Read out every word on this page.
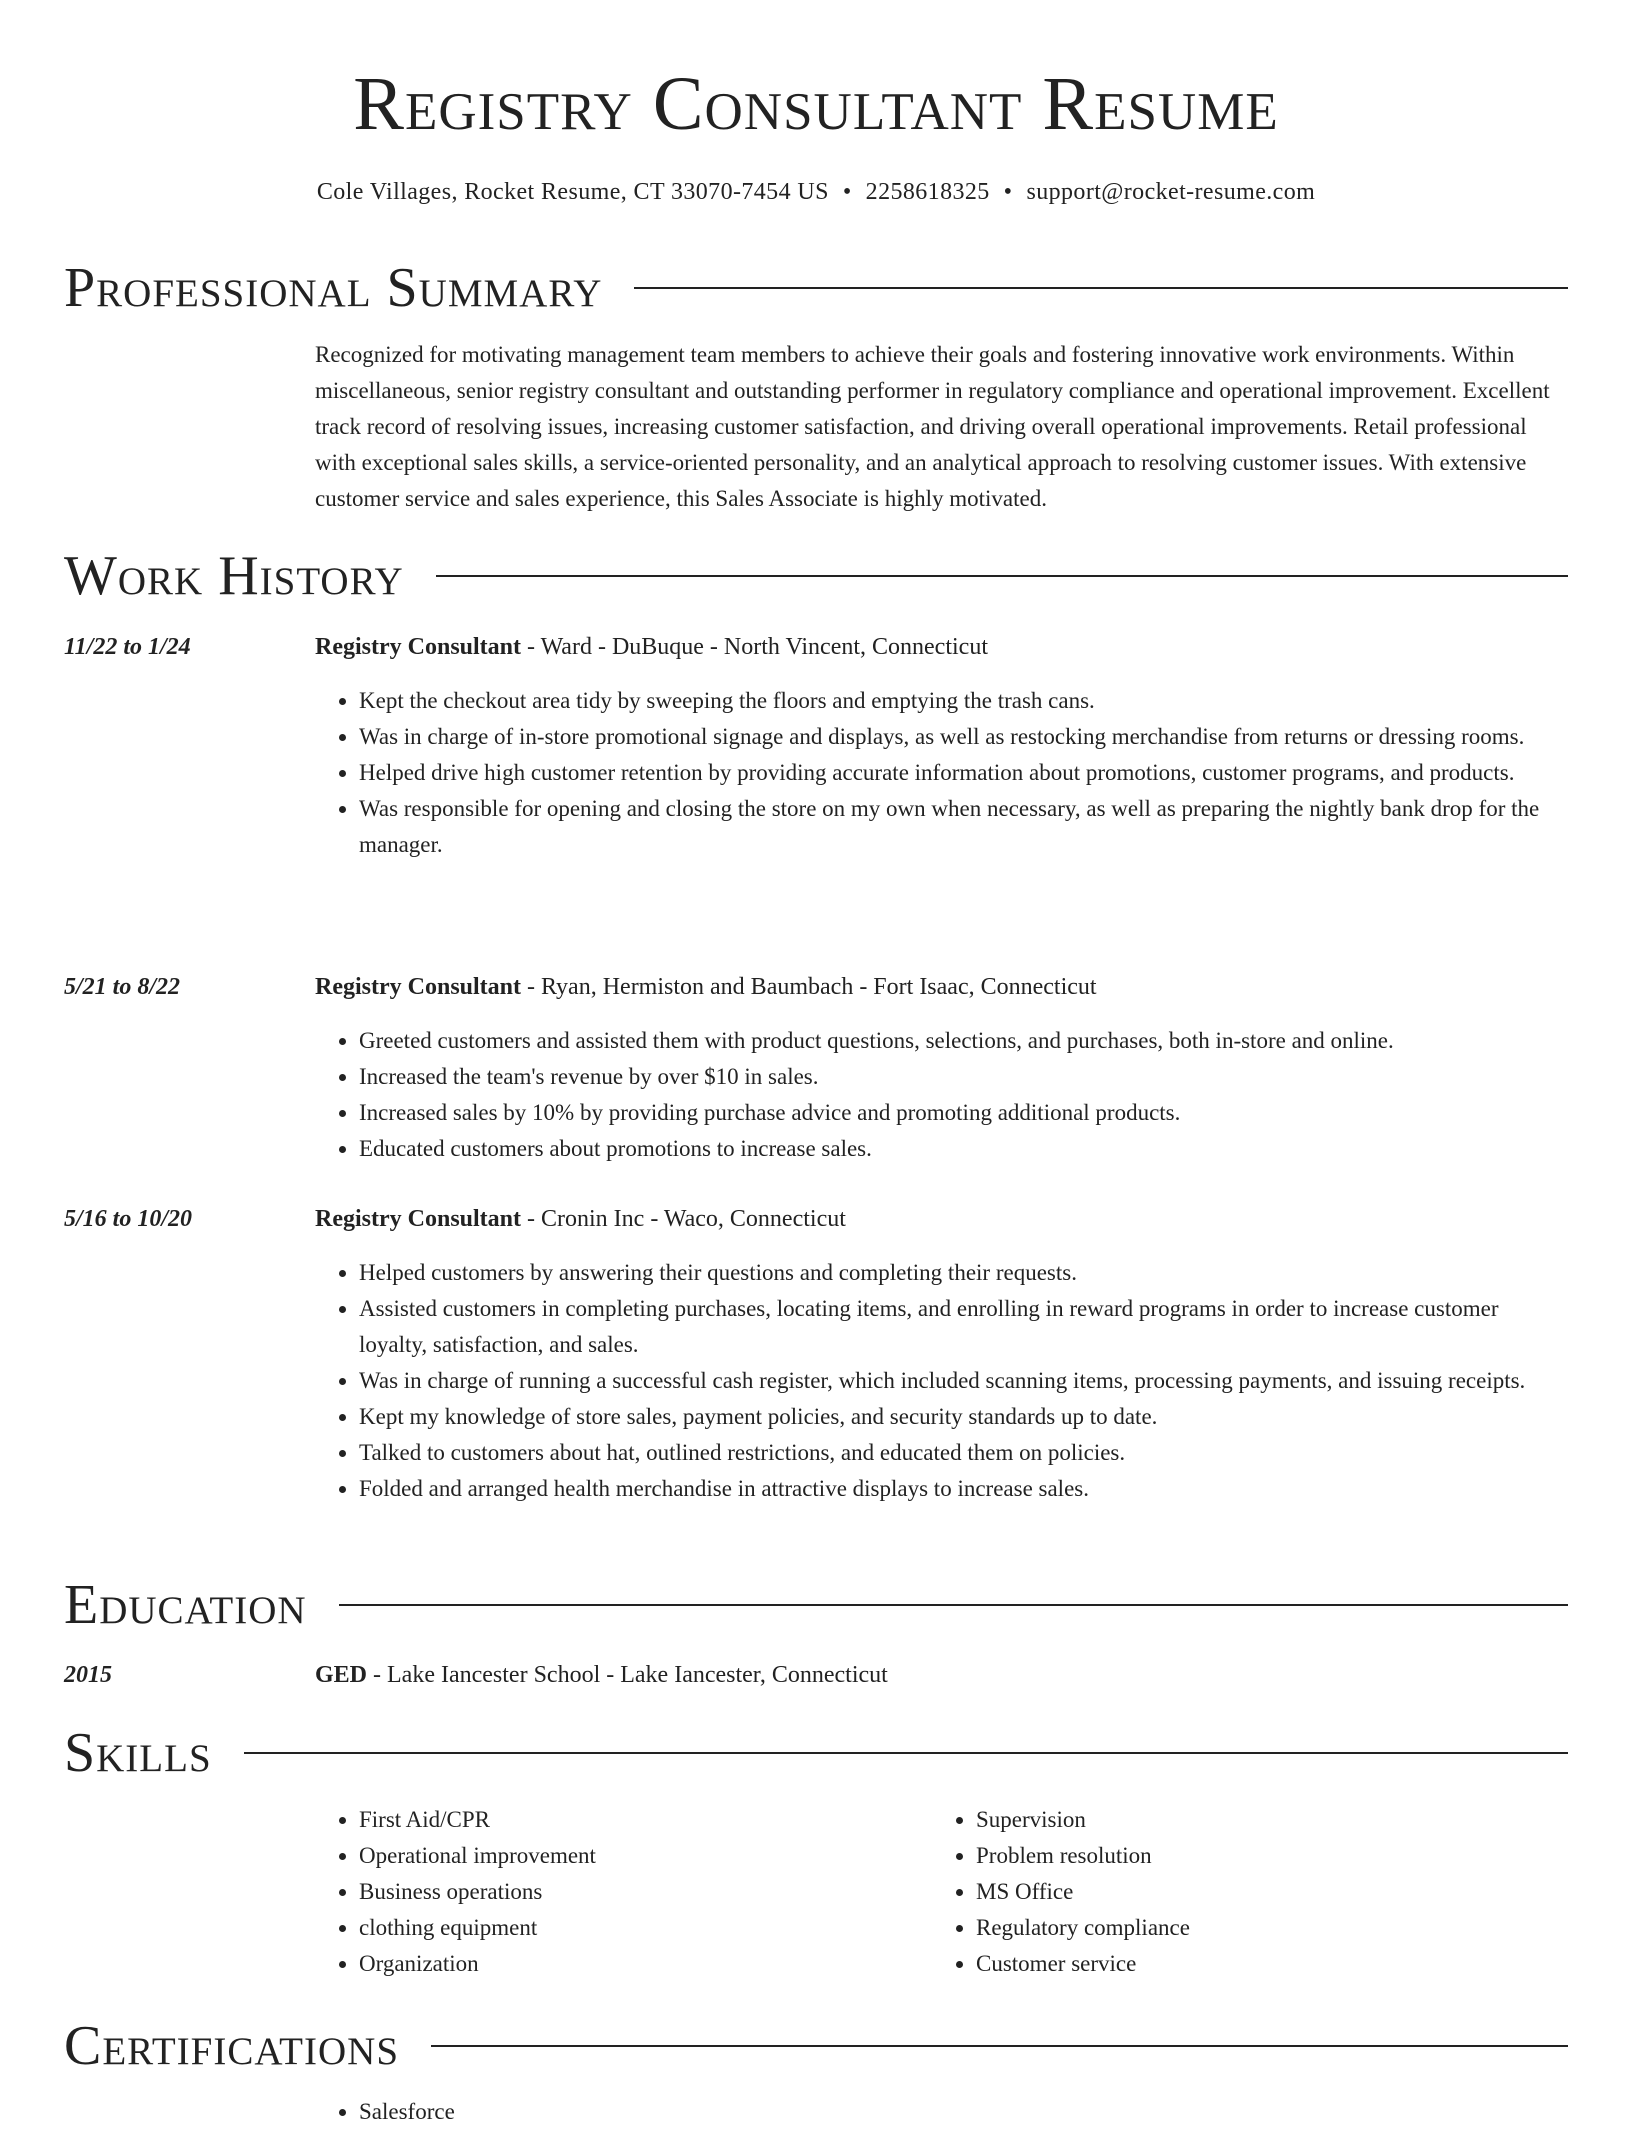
Registry Consultant Resume
Cole Villages, Rocket Resume, CT 33070-7454 US • 2258618325 • support@rocket-resume.com
Professional Summary
Recognized for motivating management team members to achieve their goals and fostering innovative work environments. Within miscellaneous, senior registry consultant and outstanding performer in regulatory compliance and operational improvement. Excellent track record of resolving issues, increasing customer satisfaction, and driving overall operational improvements. Retail professional with exceptional sales skills, a service-oriented personality, and an analytical approach to resolving customer issues. With extensive customer service and sales experience, this Sales Associate is highly motivated.
Work History
11/22 to 1/24	Registry Consultant - Ward - DuBuque - North Vincent, Connecticut
• Kept the checkout area tidy by sweeping the floors and emptying the trash cans.
• Was in charge of in-store promotional signage and displays, as well as restocking merchandise from returns or dressing rooms.
• Helped drive high customer retention by providing accurate information about promotions, customer programs, and products.
• Was responsible for opening and closing the store on my own when necessary, as well as preparing the nightly bank drop for the manager.
5/21 to 8/22	Registry Consultant - Ryan, Hermiston and Baumbach - Fort Isaac, Connecticut
• Greeted customers and assisted them with product questions, selections, and purchases, both in-store and online.
• Increased the team's revenue by over $10 in sales.
• Increased sales by 10% by providing purchase advice and promoting additional products.
• Educated customers about promotions to increase sales.
5/16 to 10/20	Registry Consultant - Cronin Inc - Waco, Connecticut
• Helped customers by answering their questions and completing their requests.
• Assisted customers in completing purchases, locating items, and enrolling in reward programs in order to increase customer loyalty, satisfaction, and sales.
• Was in charge of running a successful cash register, which included scanning items, processing payments, and issuing receipts.
• Kept my knowledge of store sales, payment policies, and security standards up to date.
• Talked to customers about hat, outlined restrictions, and educated them on policies.
• Folded and arranged health merchandise in attractive displays to increase sales.
Education
2015	GED - Lake Iancester School - Lake Iancester, Connecticut
Skills
• First Aid/CPR
• Operational improvement
• Business operations
• clothing equipment
• Organization
• Supervision
• Problem resolution
• MS Office
• Regulatory compliance
• Customer service
Certifications
• Salesforce
